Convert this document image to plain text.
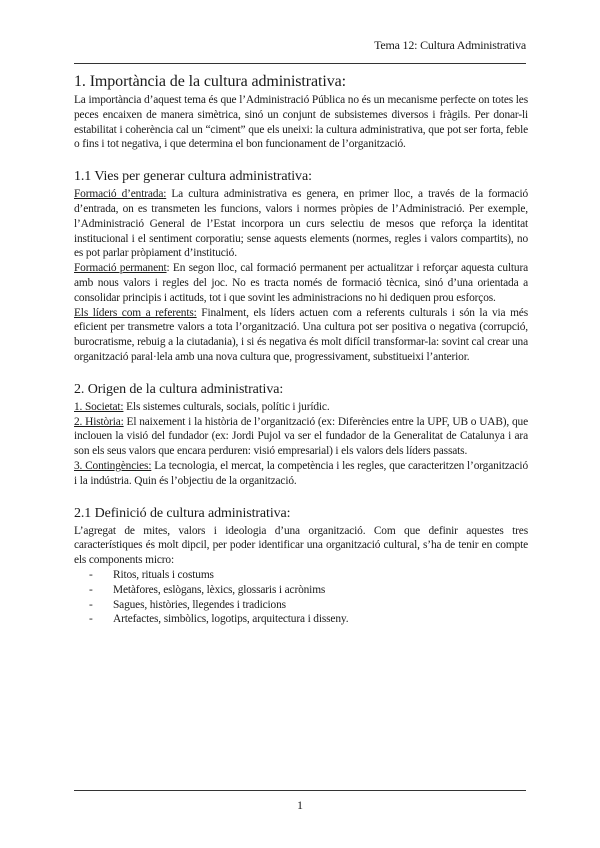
Tema 12: Cultura Administrativa
1. Importància de la cultura administrativa:

La importància d’aquest tema és que l’Administració Pública no és un mecanisme perfecte on totes les peces encaixen de manera simètrica, sinó un conjunt de subsistemes diversos i fràgils. Per donar-li estabilitat i coherència cal un “ciment” que els uneixi: la cultura administrativa, que pot ser forta, feble o fins i tot negativa, i que determina el bon funcionament de l’organització.

1.1 Vies per generar cultura administrativa:

Formació d’entrada: La cultura administrativa es genera, en primer lloc, a través de la formació d’entrada, on es transmeten les funcions, valors i normes pròpies de l’Administració. Per exemple, l’Administració General de l’Estat incorpora un curs selectiu de mesos que reforça la identitat institucional i el sentiment corporatiu; sense aquests elements (normes, regles i valors compartits), no es pot parlar pròpiament d’institució.

Formació permanent: En segon lloc, cal formació permanent per actualitzar i reforçar aquesta cultura amb nous valors i regles del joc. No es tracta només de formació tècnica, sinó d’una orientada a consolidar principis i actituds, tot i que sovint les administracions no hi dediquen prou esforços.

Els líders com a referents: Finalment, els líders actuen com a referents culturals i són la via més eficient per transmetre valors a tota l’organització. Una cultura pot ser positiva o negativa (corrupció, burocratisme, rebuig a la ciutadania), i si és negativa és molt difícil transformar-la: sovint cal crear una organització paral·lela amb una nova cultura que, progressivament, substitueixi l’anterior.

2. Origen de la cultura administrativa:

1. Societat: Els sistemes culturals, socials, polític i jurídic.

2. Història: El naixement i la història de l’organització (ex: Diferències entre la UPF, UB o UAB), que inclouen la visió del fundador (ex: Jordi Pujol va ser el fundador de la Generalitat de Catalunya i ara son els seus valors que encara perduren: visió empresarial) i els valors dels líders passats.

3. Contingències: La tecnologia, el mercat, la competència i les regles, que caracteritzen l’organització i la indústria. Quin és l’objectiu de la organització.

2.1 Definició de cultura administrativa:

L’agregat de mites, valors i ideologia d’una organització. Com que definir aquestes tres característiques és molt dipcil, per poder identificar una organització cultural, s’ha de tenir en compte els components micro:

-	Ritos, rituals i costums
-	Metàfores, eslògans, lèxics, glossaris i acrònims
-	Sagues, històries, llegendes i tradicions
-	Artefactes, simbòlics, logotips, arquitectura i disseny.
1
